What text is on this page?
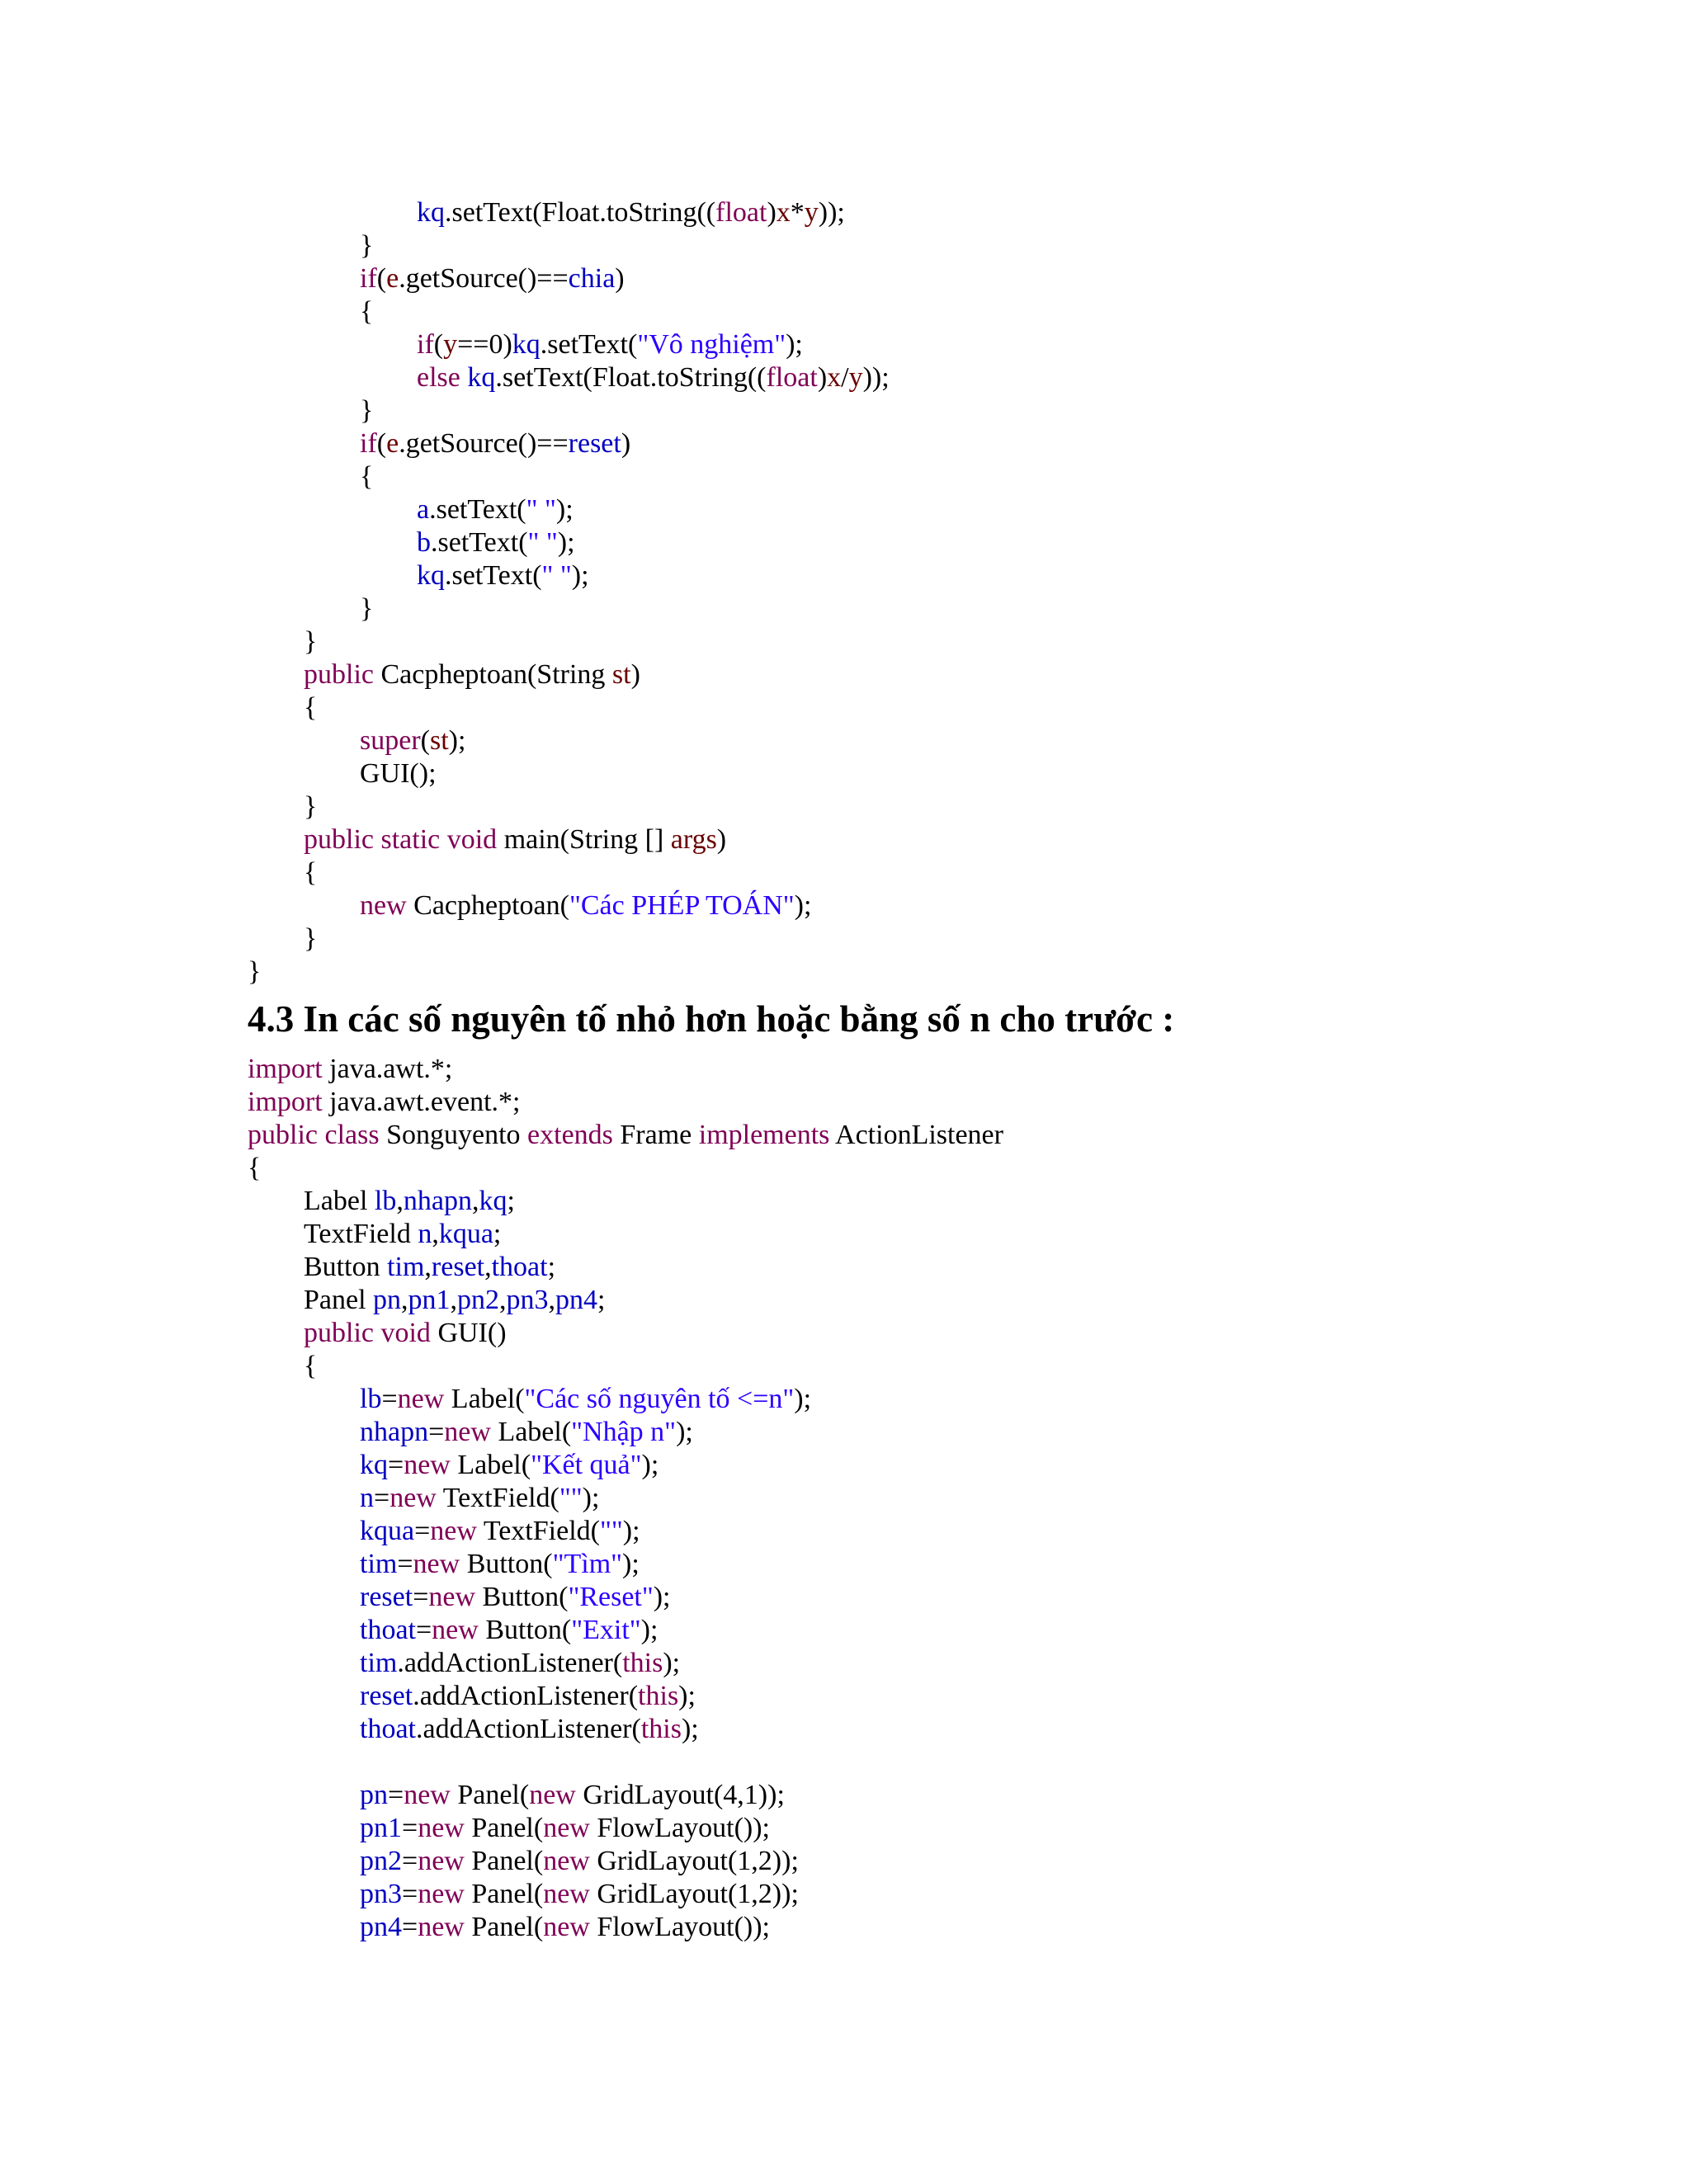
kq.setText(Float.toString((float)x*y));
}
if(e.getSource()==chia)
{
if(y==0)kq.setText("Vô nghiệm");
else kq.setText(Float.toString((float)x/y));
}
if(e.getSource()==reset)
{
a.setText(" ");
b.setText(" ");
kq.setText(" ");
}
}
public Cacpheptoan(String st)
{
super(st);
GUI();
}
public static void main(String [] args)
{
new Cacpheptoan("Các PHÉP TOÁN");
}
}
4.3 In các số nguyên tố nhỏ hơn hoặc bằng số n cho trước :
import java.awt.*;
import java.awt.event.*;
public class Songuyento extends Frame implements ActionListener
{
Label lb,nhapn,kq;
TextField n,kqua;
Button tim,reset,thoat;
Panel pn,pn1,pn2,pn3,pn4;
public void GUI()
{
lb=new Label("Các số nguyên tố <=n");
nhapn=new Label("Nhập n");
kq=new Label("Kết quả");
n=new TextField("");
kqua=new TextField("");
tim=new Button("Tìm");
reset=new Button("Reset");
thoat=new Button("Exit");
tim.addActionListener(this);
reset.addActionListener(this);
thoat.addActionListener(this);
pn=new Panel(new GridLayout(4,1));
pn1=new Panel(new FlowLayout());
pn2=new Panel(new GridLayout(1,2));
pn3=new Panel(new GridLayout(1,2));
pn4=new Panel(new FlowLayout());
